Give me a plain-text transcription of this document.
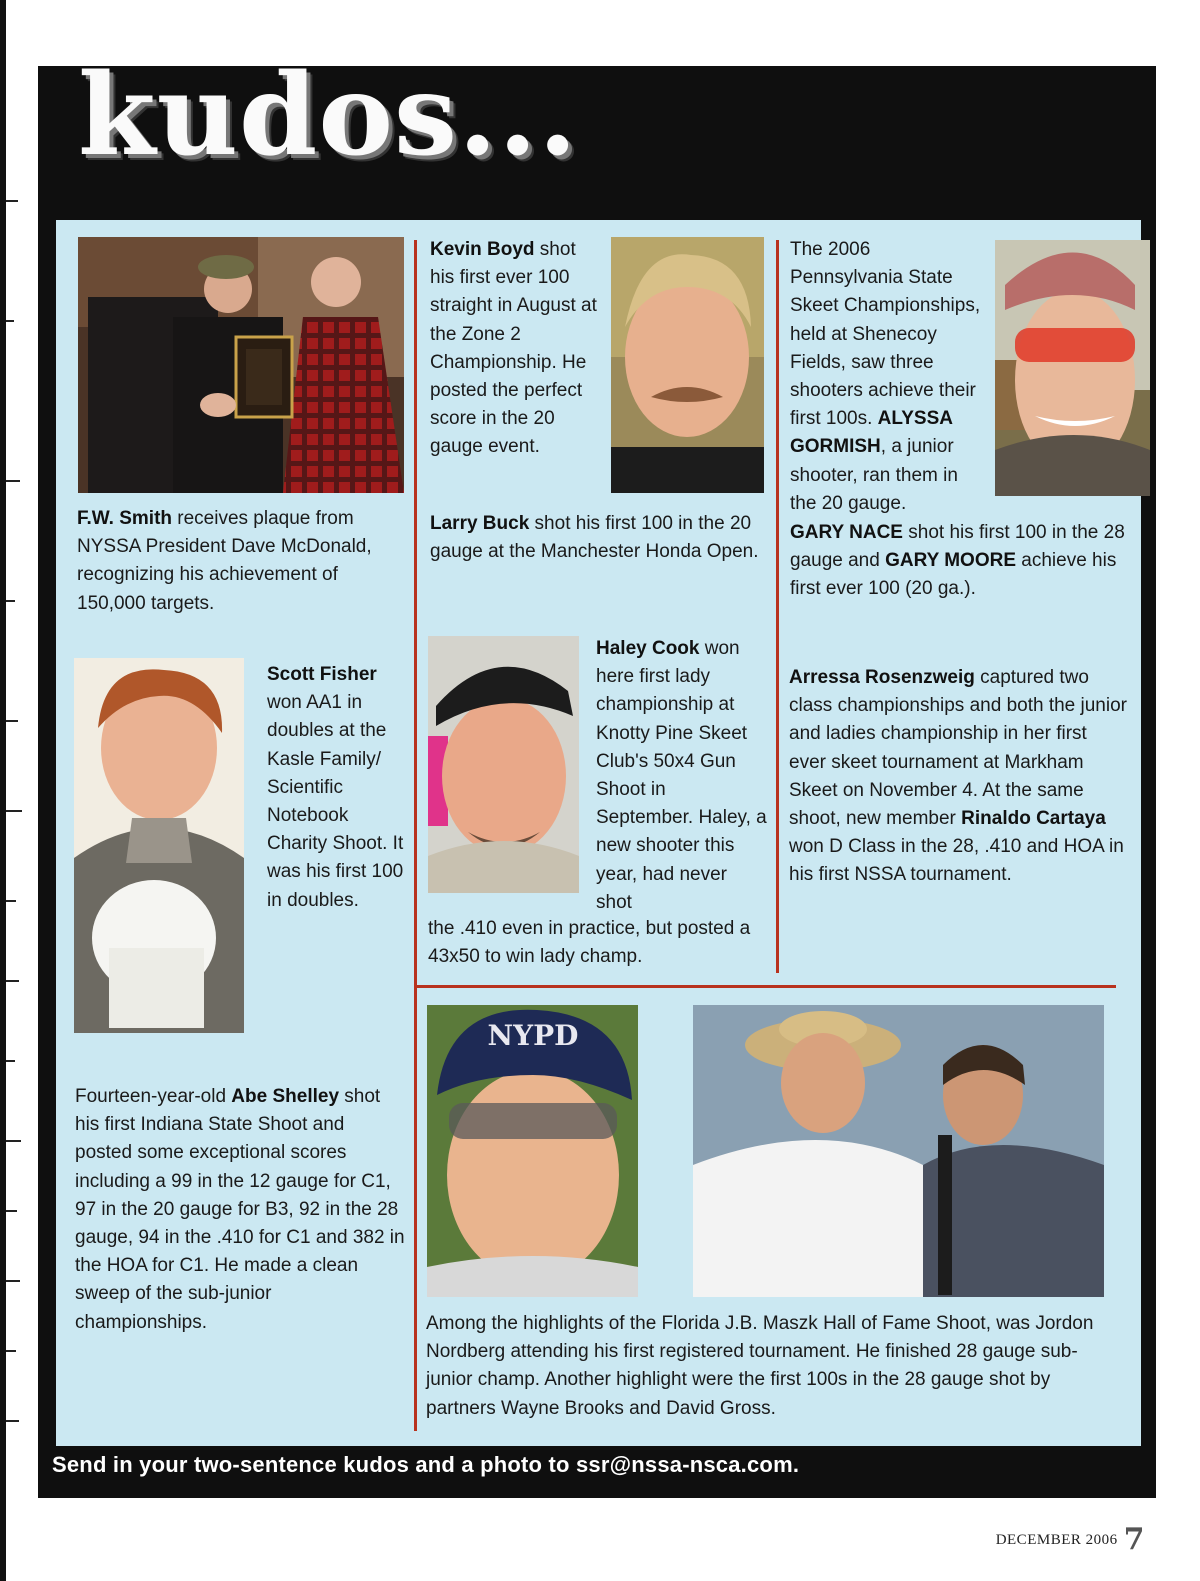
kudos...
NYPD
F.W. Smith receives plaque from NYSSA President Dave McDonald, recognizing his achievement of 150,000 targets.
Kevin Boyd shot his first ever 100 straight in August at the Zone 2 Championship. He posted the perfect score in the 20 gauge event.
Larry Buck shot his first 100 in the 20 gauge at the Manchester Honda Open.
The 2006 Pennsylvania State Skeet Championships, held at Shenecoy Fields, saw three shooters achieve their first 100s. ALYSSA GORMISH, a junior shooter, ran them in the 20 gauge.
GARY NACE shot his first 100 in the 28 gauge and GARY MOORE achieve his first ever 100 (20 ga.).
Scott Fisher won AA1 in doubles at the Kasle Family/ Scientific Notebook Charity Shoot. It was his first 100 in doubles.
Haley Cook won here first lady championship at Knotty Pine Skeet Club's 50x4 Gun Shoot in September. Haley, a new shooter this year, had never shot
the .410 even in practice, but posted a 43x50 to win lady champ.
Arressa Rosenzweig captured two class championships and both the junior and ladies championship in her first ever skeet tournament at Markham Skeet on November 4. At the same shoot, new member Rinaldo Cartaya won D Class in the 28, .410 and HOA in his first NSSA tournament.
Fourteen-year-old Abe Shelley shot his first Indiana State Shoot and posted some exceptional scores including a 99 in the 12 gauge for C1, 97 in the 20 gauge for B3, 92 in the 28 gauge, 94 in the .410 for C1 and 382 in the HOA for C1. He made a clean sweep of the sub-junior championships.	Among the highlights of the Florida J.B. Maszk Hall of Fame Shoot, was Jordon Nordberg attending his first registered tournament. He finished 28 gauge sub-junior champ. Another highlight were the first 100s in the 28 gauge shot by partners Wayne Brooks and David Gross.
Send in your two-sentence kudos and a photo to ssr@nssa-nsca.com.
DECEMBER 2006 7
